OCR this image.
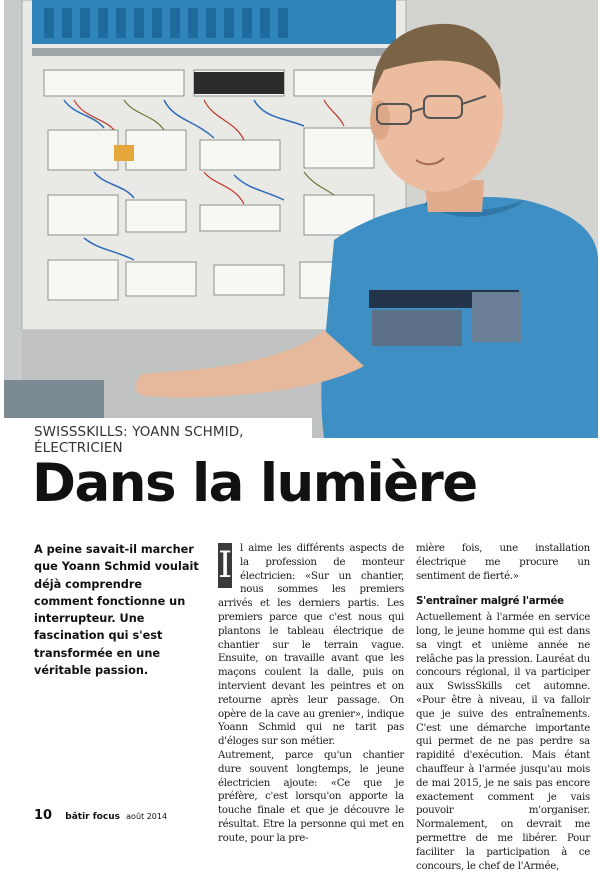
SWISSSKILLS: YOANN SCHMID, ÉLECTRICIEN
Dans la lumière

A peine savait-il marcher que Yoann Schmid voulait déjà comprendre comment fonctionne un interrupteur. Une fascination qui s'est transformée en une véritable passion.

I l aime les différents aspects de la profession de monteur électricien: «Sur un chantier, nous sommes les premiers arrivés et les derniers partis. Les premiers parce que c'est nous qui plantons le tableau électrique de chantier sur le terrain vague. Ensuite, on travaille avant que les maçons coulent la dalle, puis on intervient devant les peintres et on retourne après leur passage. On opère de la cave au grenier», indique Yoann Schmid qui ne tarit pas d'éloges sur son métier.

Autrement, parce qu'un chantier dure souvent longtemps, le jeune électricien ajoute: «Ce que je préfère, c'est lorsqu'on apporte la touche finale et que je découvre le résultat. Etre la personne qui met en route, pour la pre-

mière fois, une installation électrique me procure un sentiment de fierté.»

S'entraîner malgré l'armée

Actuellement à l'armée en service long, le jeune homme qui est dans sa vingt et unième année ne relâche pas la pression. Lauréat du concours régional, il va participer aux SwissSkills cet automne. «Pour être à niveau, il va falloir que je suive des entraînements. C'est une démarche importante qui permet de ne pas perdre sa rapidité d'exécution. Mais étant chauffeur à l'armée jusqu'au mois de mai 2015, je ne sais pas encore exactement comment je vais pouvoir m'organiser. Normalement, on devrait me permettre de me libérer. Pour faciliter la participation à ce concours, le chef de l'Armée,

10 bâtir focus août 2014
